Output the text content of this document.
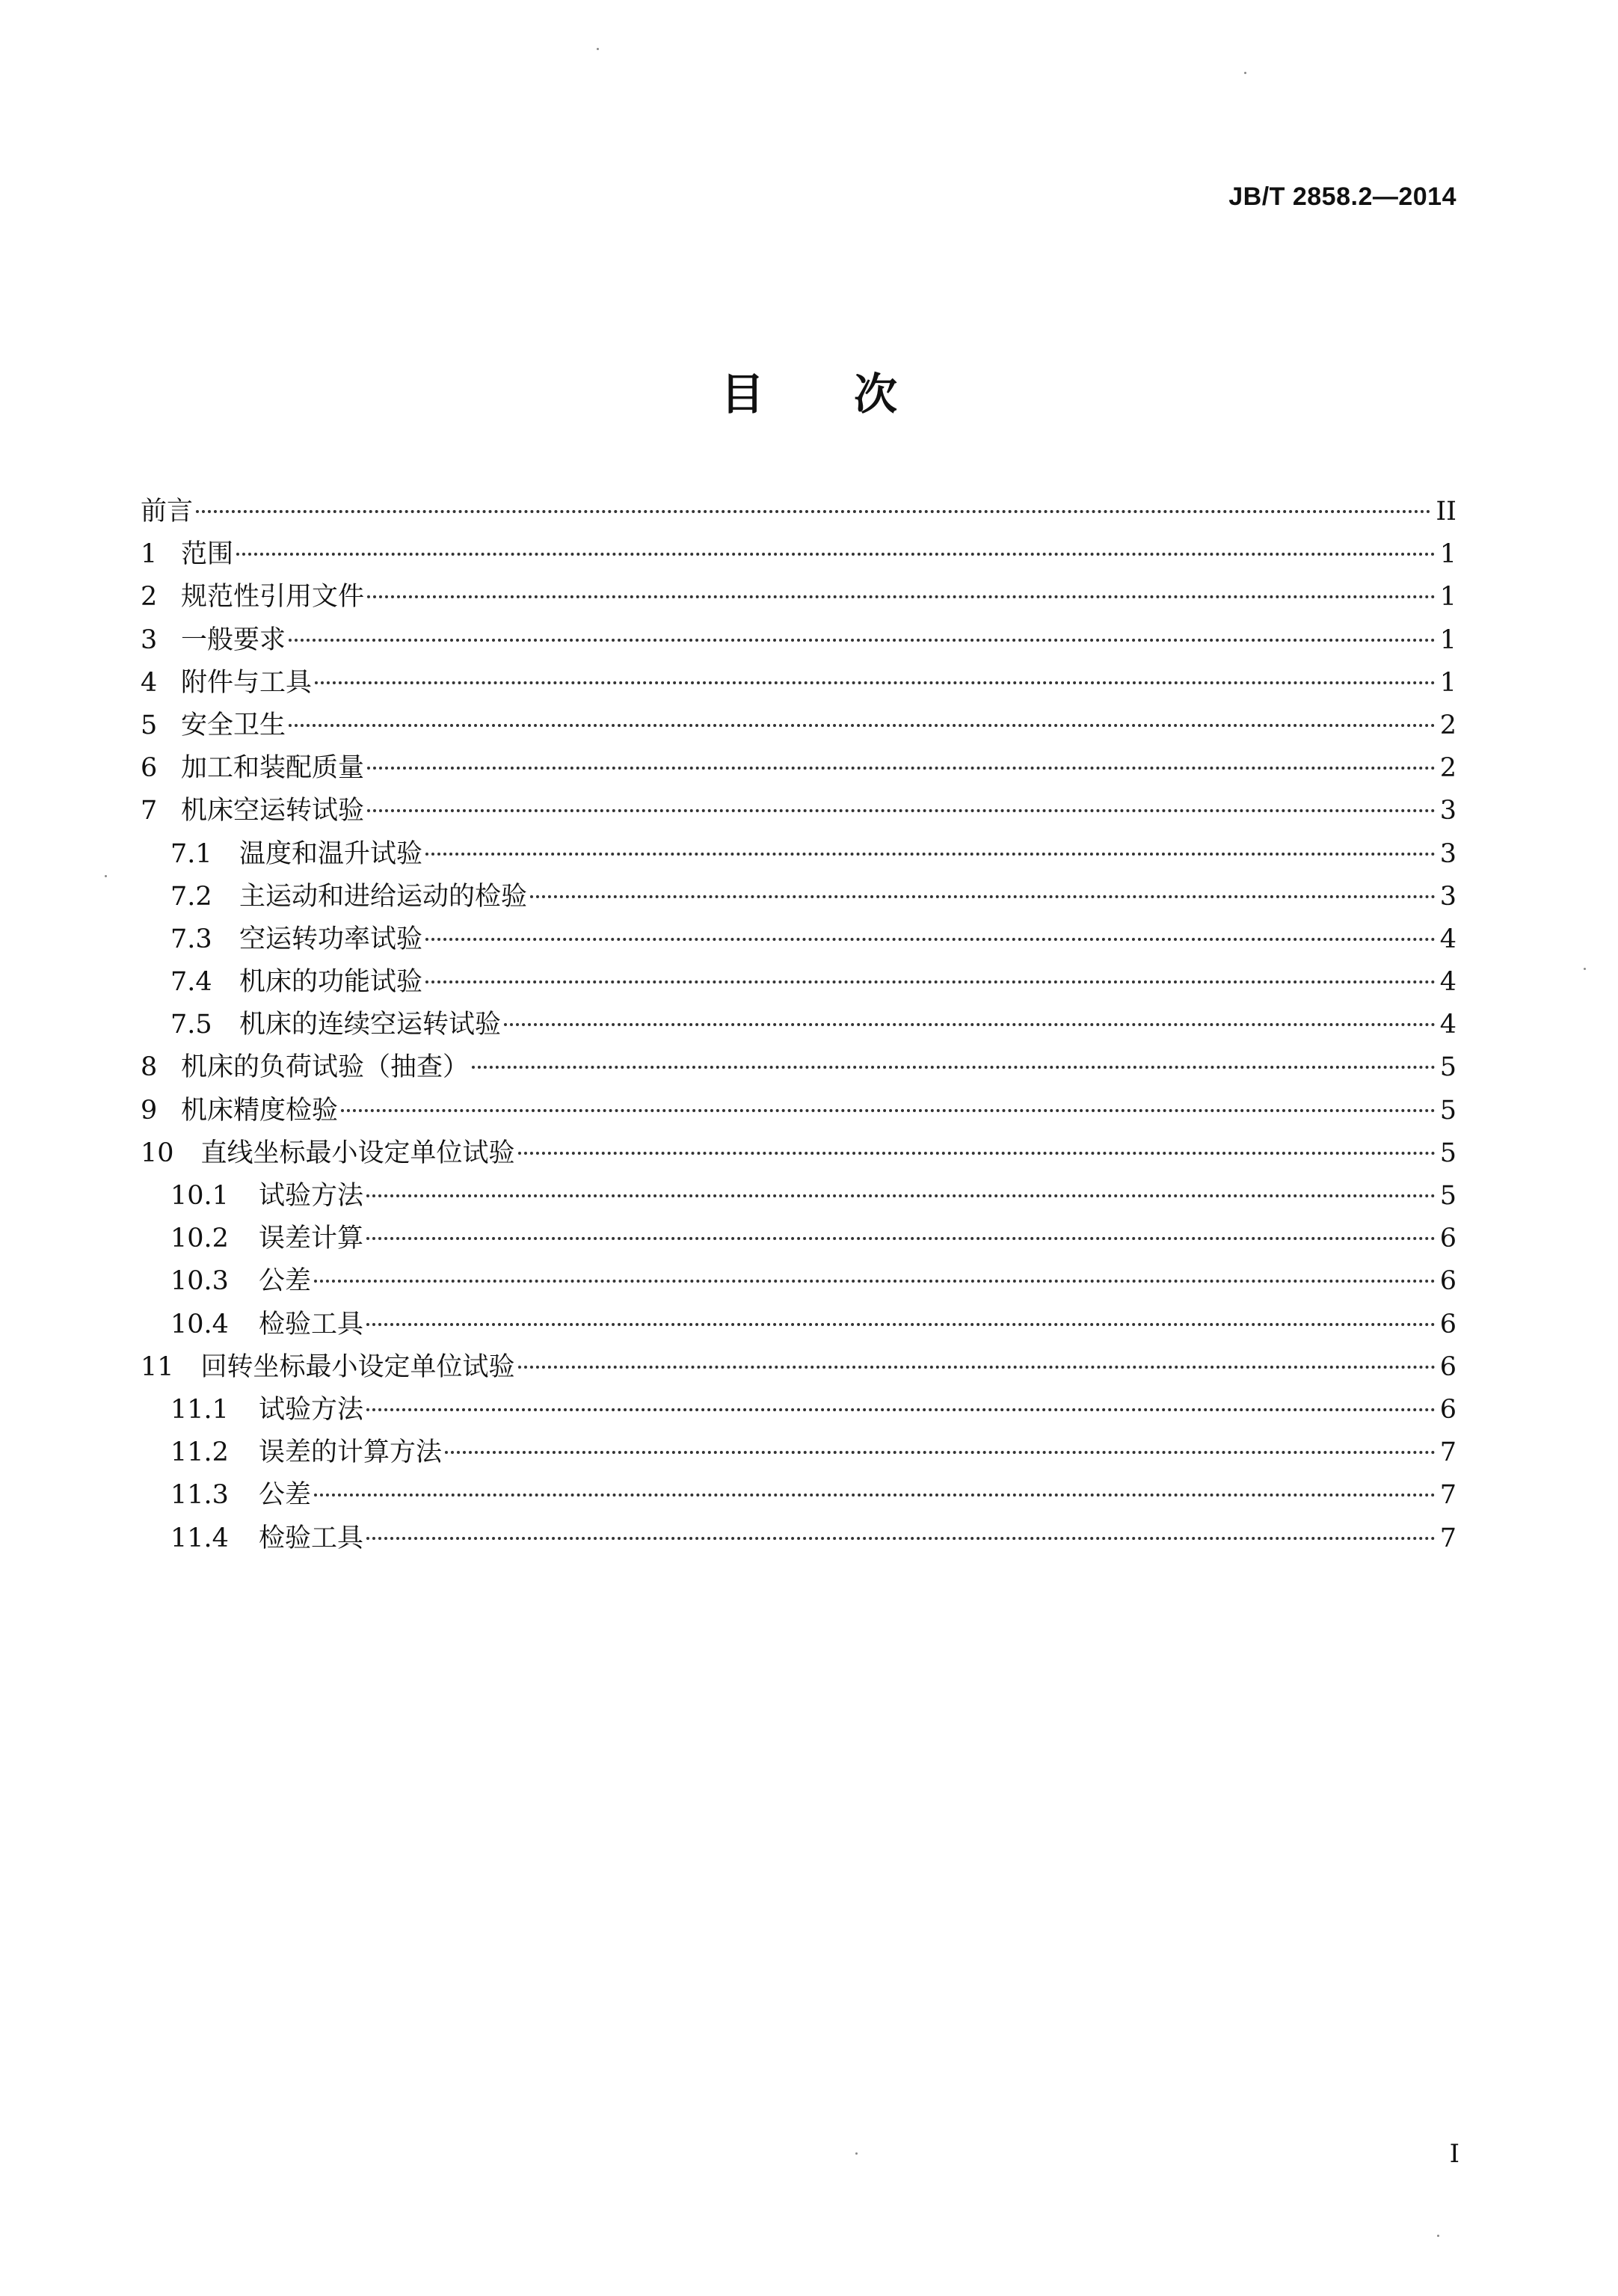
JB/T 2858.2—2014
目 次
前言	II
1 范围	1
2 规范性引用文件	1
3 一般要求	1
4 附件与工具	1
5 安全卫生	2
6 加工和装配质量	2
7 机床空运转试验	3
7.1 温度和温升试验	3
7.2 主运动和进给运动的检验	3
7.3 空运转功率试验	4
7.4 机床的功能试验	4
7.5 机床的连续空运转试验	4
8 机床的负荷试验（抽查）	5
9 机床精度检验	5
10 直线坐标最小设定单位试验	5
10.1 试验方法	5
10.2 误差计算	6
10.3 公差	6
10.4 检验工具	6
11 回转坐标最小设定单位试验	6
11.1 试验方法	6
11.2 误差的计算方法	7
11.3 公差	7
11.4 检验工具	7
I
